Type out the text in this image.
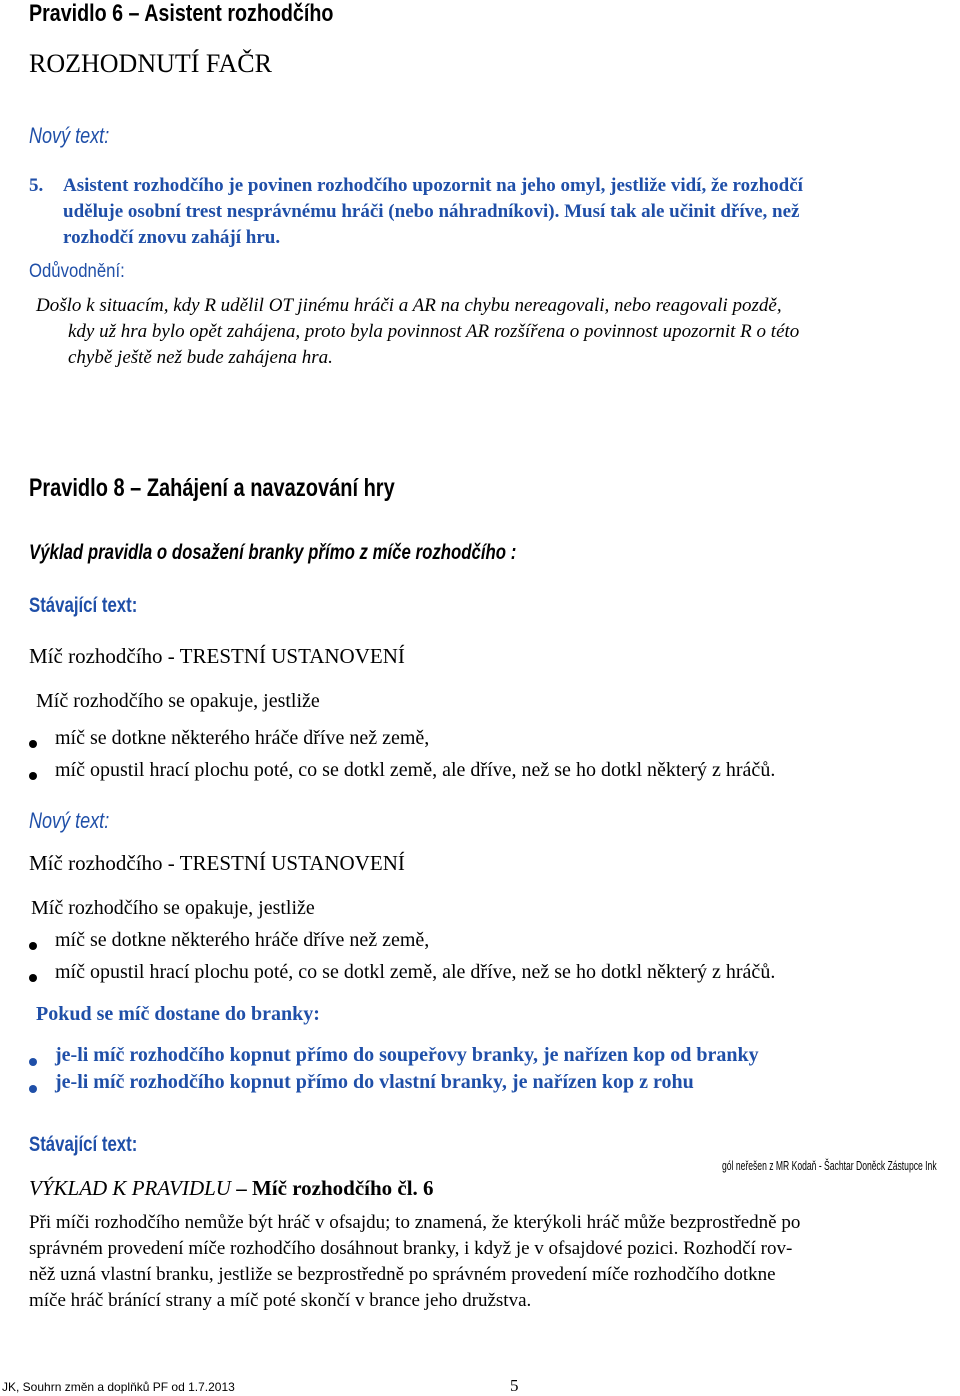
Pravidlo 6 – Asistent rozhodčího
ROZHODNUTÍ FAČR
Nový text:
5. Asistent rozhodčího je povinen rozhodčího upozornit na jeho omyl, jestliže vidí, že rozhodčí
uděluje osobní trest nesprávnému hráči (nebo náhradníkovi). Musí tak ale učinit dříve, než
rozhodčí znovu zahájí hru.
Odůvodnění:
Došlo k situacím, kdy R udělil OT jinému hráči a AR na chybu nereagovali, nebo reagovali pozdě,
kdy už hra bylo opět zahájena, proto byla povinnost AR rozšířena o povinnost upozornit R o této
chybě ještě než bude zahájena hra.
Pravidlo 8 – Zahájení a navazování hry
Výklad pravidla o dosažení branky přímo z míče rozhodčího :
Stávající text:
Míč rozhodčího - TRESTNÍ USTANOVENÍ
Míč rozhodčího se opakuje, jestliže
míč se dotkne některého hráče dříve než země,
míč opustil hrací plochu poté, co se dotkl země, ale dříve, než se ho dotkl některý z hráčů.
Nový text:
Míč rozhodčího - TRESTNÍ USTANOVENÍ
Míč rozhodčího se opakuje, jestliže
míč se dotkne některého hráče dříve než země,
míč opustil hrací plochu poté, co se dotkl země, ale dříve, než se ho dotkl některý z hráčů.
Pokud se míč dostane do branky:
je-li míč rozhodčího kopnut přímo do soupeřovy branky, je nařízen kop od branky
je-li míč rozhodčího kopnut přímo do vlastní branky, je nařízen kop z rohu
Stávající text:
gól neřešen z MR Kodaň - Šachtar Doněck Zástupce Ink
VÝKLAD K PRAVIDLU – Míč rozhodčího čl. 6
Při míči rozhodčího nemůže být hráč v ofsajdu; to znamená, že kterýkoli hráč může bezprostředně po
správném provedení míče rozhodčího dosáhnout branky, i když je v ofsajdové pozici. Rozhodčí rov-
něž uzná vlastní branku, jestliže se bezprostředně po správném provedení míče rozhodčího dotkne
míče hráč bránící strany a míč poté skončí v brance jeho družstva.
JK, Souhrn změn a doplňků PF od 1.7.2013	5
